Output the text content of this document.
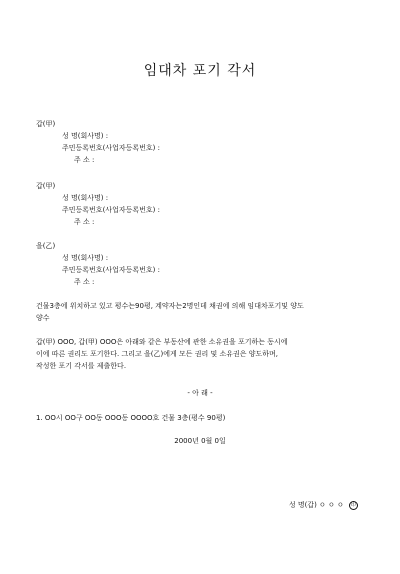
임대차 포기 각서
갑(甲)
성 명(회사명) :
주민등록번호(사업자등록번호) :
주 소 :
갑(甲)
성 명(회사명) :
주민등록번호(사업자등록번호) :
주 소 :
을(乙)
성 명(회사명) :
주민등록번호(사업자등록번호) :
주 소 :
건물3층에 위치하고 있고 평수는90평, 계약자는2명인데 채권에 의해 임대차포기및 양도
양수
갑(甲) OOO, 갑(甲) OOO은 아래와 같은 부동산에 관한 소유권을 포기하는 동시에
이에 따른 권리도 포기한다. 그리고 을(乙)에게 모든 권리 및 소유권은 양도하며,
작성한 포기 각서를 제출한다.
- 아 래 -
1. OO시 OO구 OO동 OOO동 OOOO호 건물 3층(평수 90평)
2000년 0월 0일
성 명(갑) ㅇ ㅇ ㅇ 印
